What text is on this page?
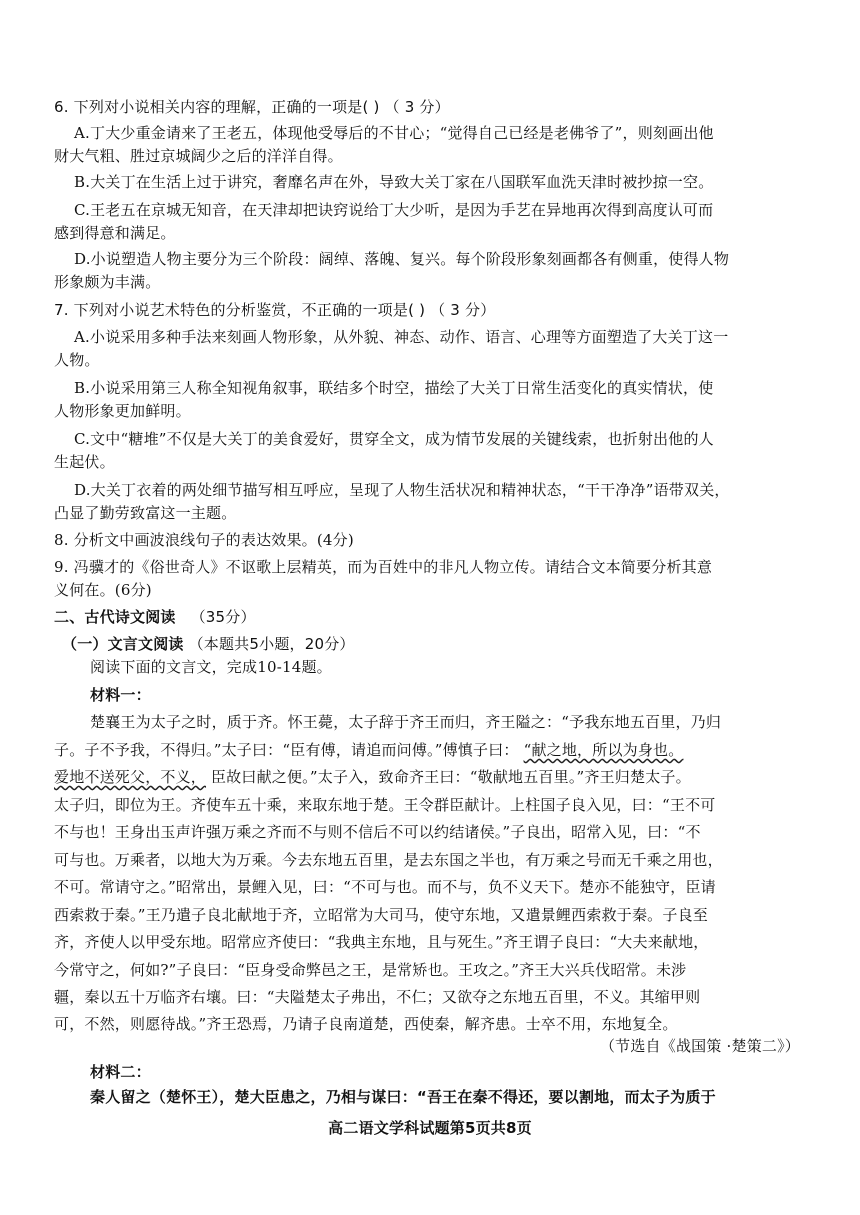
6. 下列对小说相关内容的理解，正确的一项是( ) （ 3 分）
A.丁大少重金请来了王老五，体现他受辱后的不甘心；“觉得自己已经是老佛爷了”，则刻画出他
财大气粗、胜过京城阔少之后的洋洋自得。
B.大关丁在生活上过于讲究，奢靡名声在外，导致大关丁家在八国联军血洗天津时被抄掠一空。
C.王老五在京城无知音，在天津却把诀窍说给丁大少听，是因为手艺在异地再次得到高度认可而
感到得意和满足。
D.小说塑造人物主要分为三个阶段：阔绰、落魄、复兴。每个阶段形象刻画都各有侧重，使得人物
形象颇为丰满。
7. 下列对小说艺术特色的分析鉴赏，不正确的一项是( ) （ 3 分）
A.小说采用多种手法来刻画人物形象，从外貌、神态、动作、语言、心理等方面塑造了大关丁这一
人物。
B.小说采用第三人称全知视角叙事，联结多个时空，描绘了大关丁日常生活变化的真实情状，使
人物形象更加鲜明。
C.文中“糖堆”不仅是大关丁的美食爱好，贯穿全文，成为情节发展的关键线索，也折射出他的人
生起伏。
D.大关丁衣着的两处细节描写相互呼应，呈现了人物生活状况和精神状态，“干干净净”语带双关，
凸显了勤劳致富这一主题。
8. 分析文中画波浪线句子的表达效果。(4分)
9. 冯骥才的《俗世奇人》不讴歌上层精英，而为百姓中的非凡人物立传。请结合文本简要分析其意
义何在。(6分)
二、古代诗文阅读 （35分）
（一）文言文阅读 （本题共5小题，20分）
阅读下面的文言文，完成10-14题。
材料一：
楚襄王为太子之时，质于齐。怀王薨，太子辞于齐王而归，齐王隘之：“予我东地五百里，乃归
子。子不予我，不得归。”太子曰：“臣有傅，请追而问傅。”傅慎子曰： “献之地，所以为身也。
爱地不送死父，不义， 臣故曰献之便。”太子入，致命齐王曰：“敬献地五百里。”齐王归楚太子。
太子归，即位为王。齐使车五十乘，来取东地于楚。王令群臣献计。上柱国子良入见，曰：“王不可
不与也！王身出玉声许强万乘之齐而不与则不信后不可以约结诸侯。”子良出，昭常入见，曰：“不
可与也。万乘者，以地大为万乘。今去东地五百里，是去东国之半也，有万乘之号而无千乘之用也，
不可。常请守之。”昭常出，景鲤入见，曰：“不可与也。而不与，负不义天下。楚亦不能独守，臣请
西索救于秦。”王乃遣子良北献地于齐，立昭常为大司马，使守东地，又遣景鲤西索救于秦。子良至
齐，齐使人以甲受东地。昭常应齐使曰：“我典主东地，且与死生。”齐王谓子良曰：“大夫来献地，
今常守之，何如?”子良曰：“臣身受命弊邑之王，是常矫也。王攻之。”齐王大兴兵伐昭常。未涉
疆，秦以五十万临齐右壤。曰：“夫隘楚太子弗出，不仁；又欲夺之东地五百里，不义。其缩甲则
可，不然，则愿待战。”齐王恐焉，乃请子良南道楚，西使秦，解齐患。士卒不用，东地复全。
（节选自《战国策 ·楚策二》）
材料二：
秦人留之（楚怀王），楚大臣患之，乃相与谋曰：“吾王在秦不得还，要以割地，而太子为质于
高二语文学科试题第5页共8页
